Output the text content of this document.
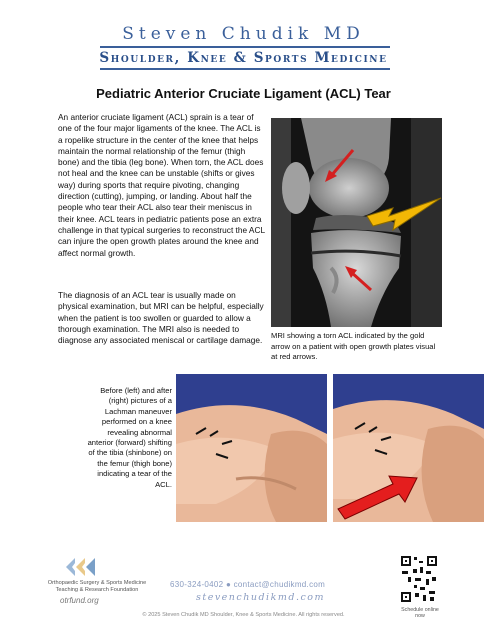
Steven Chudik MD
Shoulder, Knee & Sports Medicine
Pediatric Anterior Cruciate Ligament (ACL) Tear
An anterior cruciate ligament (ACL) sprain is a tear of one of the four major ligaments of the knee. The ACL is a ropelike structure in the center of the knee that helps maintain the normal relationship of the femur (thigh bone) and the tibia (leg bone). When torn, the ACL does not heal and the knee can be unstable (shifts or gives way) during sports that require pivoting, changing direction (cutting), jumping, or landing. About half the people who tear their ACL also tear their meniscus in their knee. ACL tears in pediatric patients pose an extra challenge in that typical surgeries to reconstruct the ACL can injure the open growth plates around the knee and affect normal growth.
The diagnosis of an ACL tear is usually made on physical examination, but MRI can be helpful, especially when the patient is too swollen or guarded to allow a thorough examination. The MRI also is needed to diagnose any associated meniscal or cartilage damage.	MRI showing a torn ACL indicated by the gold arrow on a patient with open growth plates visual at red arrows.
Before (left) and after (right) pictures of a Lachman maneuver performed on a knee revealing abnormal anterior (forward) shifting of the tibia (shinbone) on the femur (thigh bone) indicating a tear of the ACL.
Orthopaedic Surgery & Sports Medicine Teaching & Research Foundation
otrfund.org
630-324-0402 ● contact@chudikmd.com
stevenchudikmd.com
© 2025 Steven Chudik MD Shoulder, Knee & Sports Medicine. All rights reserved.
Schedule online now
